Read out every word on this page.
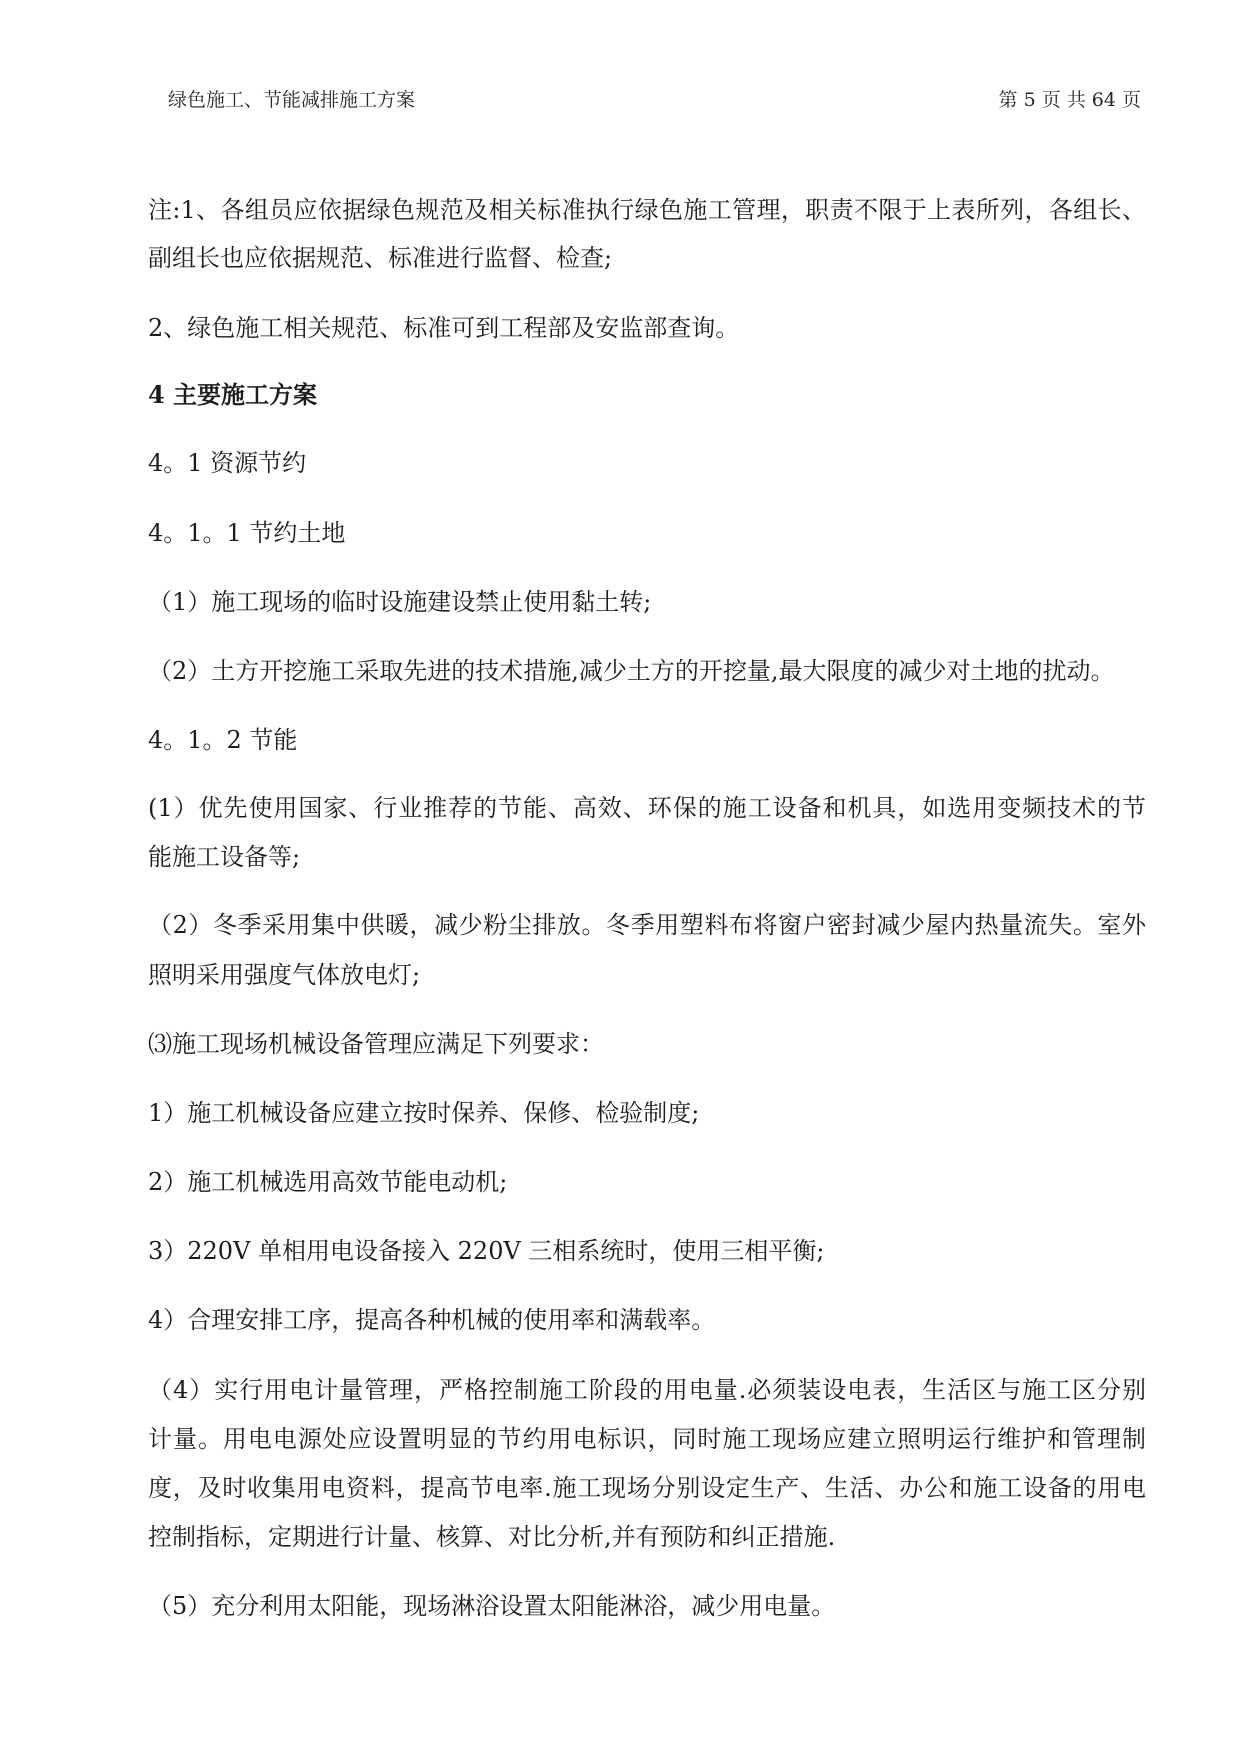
绿色施工、节能减排施工方案	第 5 页 共 64 页
注:1、各组员应依据绿色规范及相关标准执行绿色施工管理，职责不限于上表所列，各组长、
副组长也应依据规范、标准进行监督、检查;
2、绿色施工相关规范、标准可到工程部及安监部查询。
4 主要施工方案
4。1 资源节约
4。1。1 节约土地
（1）施工现场的临时设施建设禁止使用黏土转;
（2）土方开挖施工采取先进的技术措施,减少土方的开挖量,最大限度的减少对土地的扰动。
4。1。2 节能
(1）优先使用国家、行业推荐的节能、高效、环保的施工设备和机具，如选用变频技术的节
能施工设备等;
（2）冬季采用集中供暖，减少粉尘排放。冬季用塑料布将窗户密封减少屋内热量流失。室外
照明采用强度气体放电灯;
⑶施工现场机械设备管理应满足下列要求：
1）施工机械设备应建立按时保养、保修、检验制度;
2）施工机械选用高效节能电动机;
3）220V 单相用电设备接入 220V 三相系统时，使用三相平衡;
4）合理安排工序，提高各种机械的使用率和满载率。
（4）实行用电计量管理，严格控制施工阶段的用电量.必须装设电表，生活区与施工区分别
计量。用电电源处应设置明显的节约用电标识，同时施工现场应建立照明运行维护和管理制
度，及时收集用电资料，提高节电率.施工现场分别设定生产、生活、办公和施工设备的用电
控制指标，定期进行计量、核算、对比分析,并有预防和纠正措施.
（5）充分利用太阳能，现场淋浴设置太阳能淋浴，减少用电量。
